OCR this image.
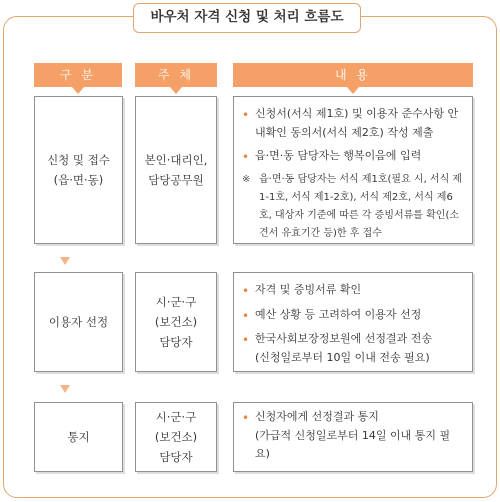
바우처 자격 신청 및 처리 흐름도
구 분	주 체	내 용
신청 및 접수
(읍·면·동)
본인·대리인,
담당공무원
• 신청서(서식 제1호) 및 이용자 준수사항 안내확인 동의서(서식 제2호) 작성 제출
• 읍·면·동 담당자는 행복이음에 입력
※ 읍·면·동 담당자는 서식 제1호(필요 시, 서식 제1-1호, 서식 제1-2호), 서식 제2호, 서식 제6호, 대상자 기준에 따른 각 증빙서류를 확인(소견서 유효기간 등)한 후 접수
이용자 선정
시·군·구
(보건소)
담당자
• 자격 및 증빙서류 확인
• 예산 상황 등 고려하여 이용자 선정
• 한국사회보장정보원에 선정결과 전송
(신청일로부터 10일 이내 전송 필요)
통지
시·군·구
(보건소)
담당자
• 신청자에게 선정결과 통지
(가급적 신청일로부터 14일 이내 통지 필요)
